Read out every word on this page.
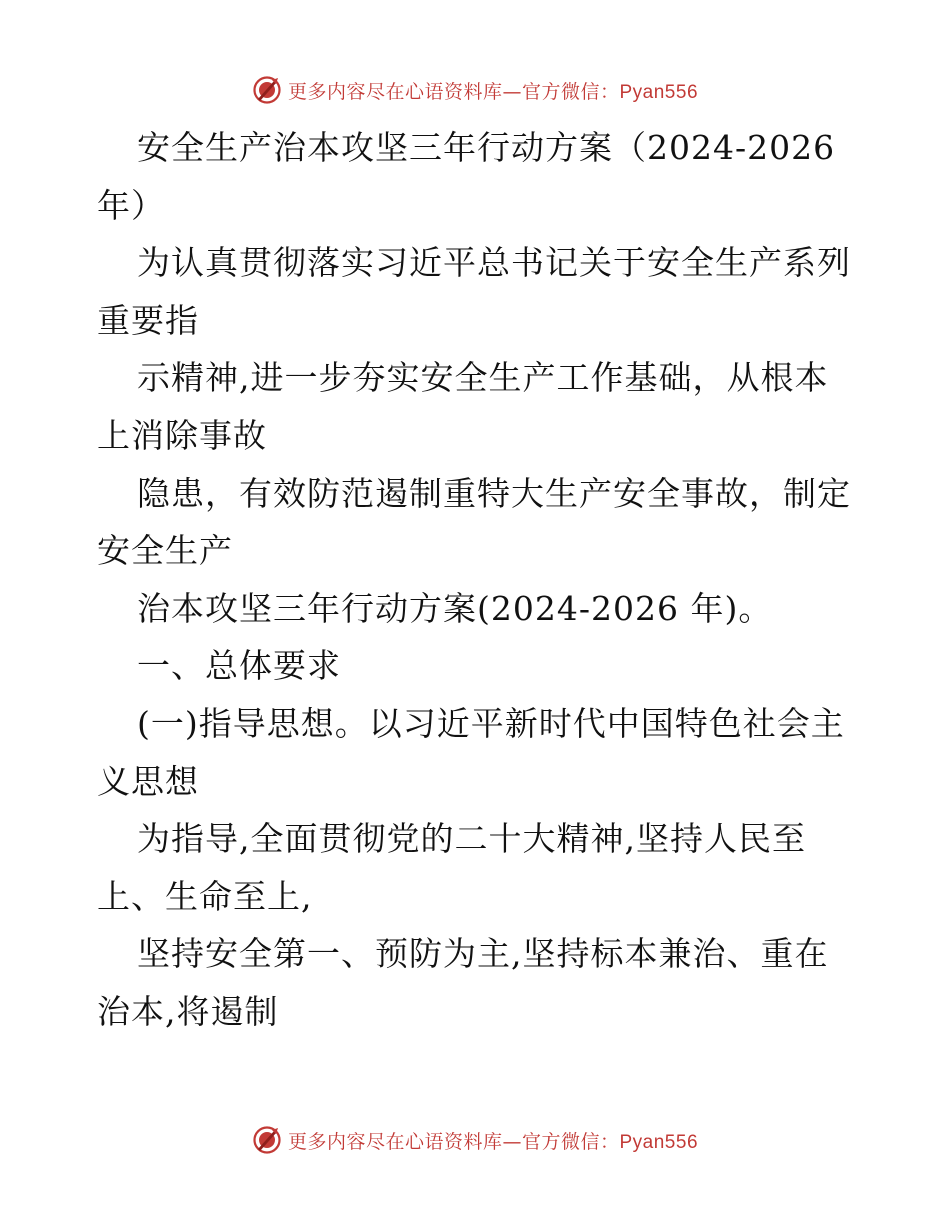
更多内容尽在心语资料库—官方微信：Pyan556
安全生产治本攻坚三年行动方案（2024-2026
年）
为认真贯彻落实习近平总书记关于安全生产系列
重要指
示精神,进一步夯实安全生产工作基础，从根本
上消除事故
隐患，有效防范遏制重特大生产安全事故，制定
安全生产
治本攻坚三年行动方案(2024-2026 年)。
一、总体要求
(一)指导思想。以习近平新时代中国特色社会主
义思想
为指导,全面贯彻党的二十大精神,坚持人民至
上、生命至上,
坚持安全第一、预防为主,坚持标本兼治、重在
治本,将遏制
更多内容尽在心语资料库—官方微信：Pyan556
